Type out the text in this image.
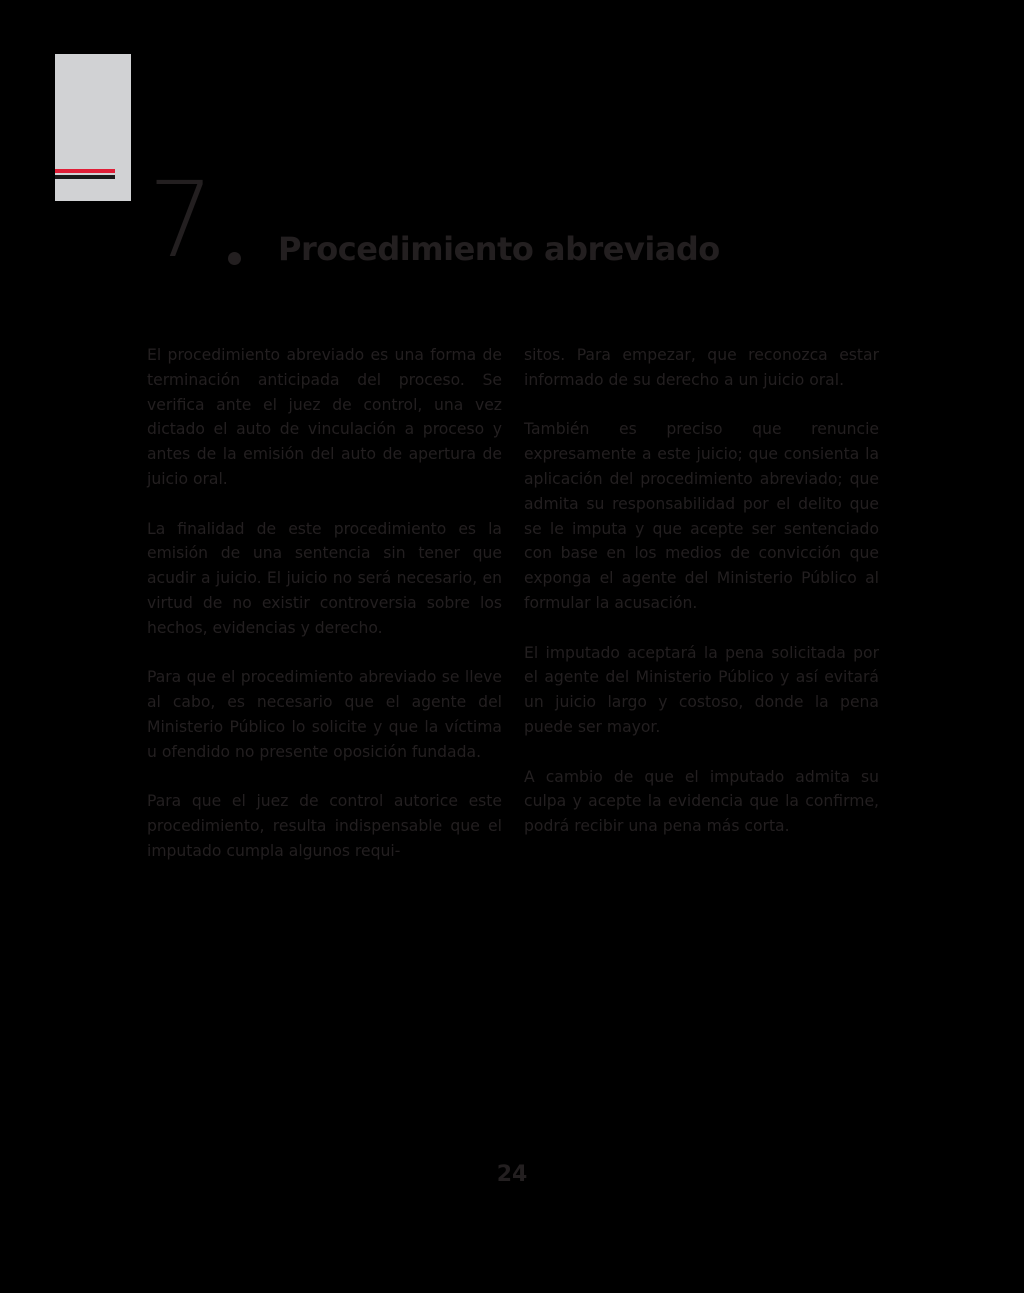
7 Procedimiento abreviado

El procedimiento abreviado es una forma de terminación anticipada del proceso. Se verifica ante el juez de control, una vez dictado el auto de vinculación a proceso y antes de la emisión del auto de apertura de juicio oral.

La finalidad de este procedimiento es la emisión de una sentencia sin tener que acudir a juicio. El juicio no será necesario, en virtud de no existir controversia sobre los hechos, evidencias y derecho.

Para que el procedimiento abreviado se lleve al cabo, es necesario que el agente del Ministerio Público lo solicite y que la víctima u ofendido no presente oposición fundada.

Para que el juez de control autorice este procedimiento, resulta indispensable que el imputado cumpla algunos requi-

sitos. Para empezar, que reconozca estar informado de su derecho a un juicio oral.

También es preciso que renuncie expresamente a este juicio; que consienta la aplicación del procedimiento abreviado; que admita su responsabilidad por el delito que se le imputa y que acepte ser sentenciado con base en los medios de convicción que exponga el agente del Ministerio Público al formular la acusación.

El imputado aceptará la pena solicitada por el agente del Ministerio Público y así evitará un juicio largo y costoso, donde la pena puede ser mayor.

A cambio de que el imputado admita su culpa y acepte la evidencia que la confirme, podrá recibir una pena más corta.

24
